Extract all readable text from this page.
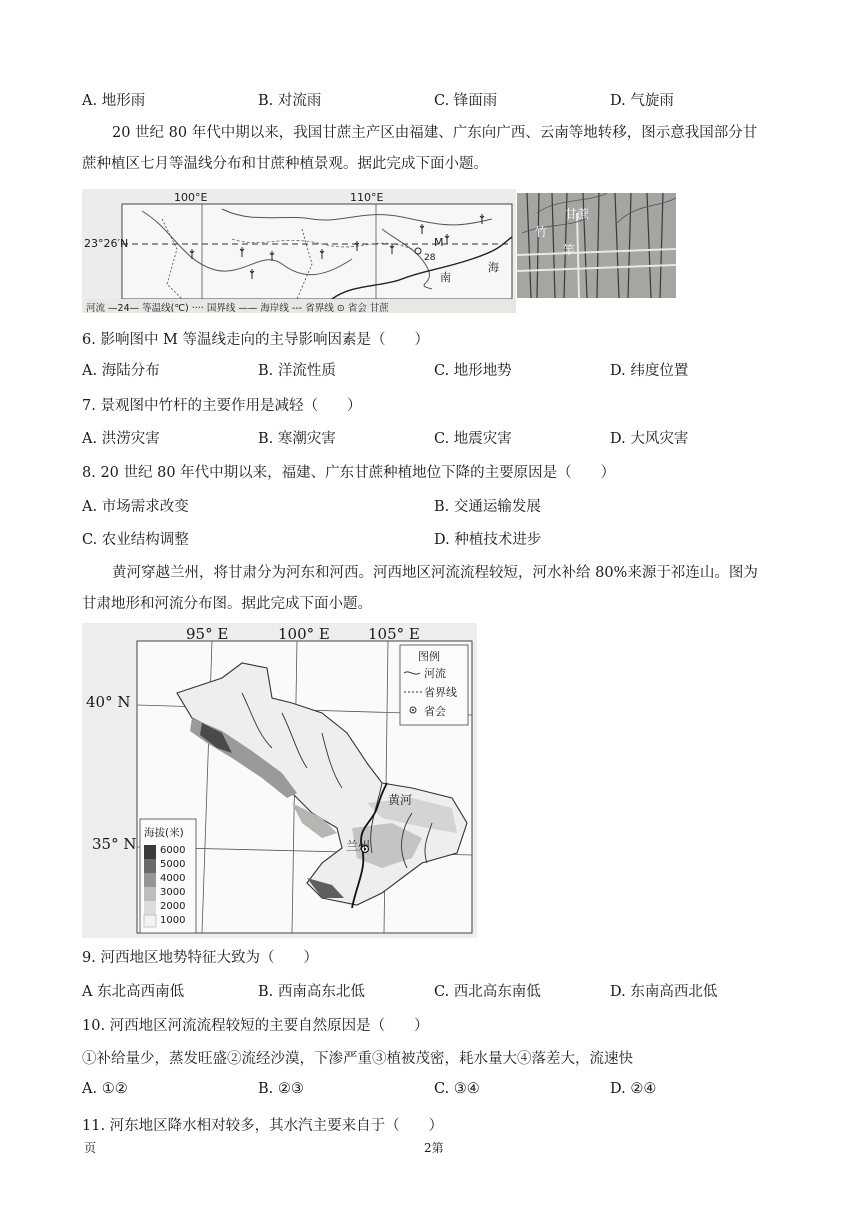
A. 地形雨	B. 对流雨	C. 锋面雨	D. 气旋雨
20 世纪 80 年代中期以来，我国甘蔗主产区由福建、广东向广西、云南等地转移，图示意我国部分甘
蔗种植区七月等温线分布和甘蔗种植景观。据此完成下面小题。
100°E	110°E
23°26′N	M
28
南
海
河流 —24— 等温线(℃) ···· 国界线 —— 海岸线 --- 省界线 ⊙ 省会 甘蔗
甘蔗
竹
竿
6. 影响图中 M 等温线走向的主导影响因素是（　　）
A. 海陆分布	B. 洋流性质	C. 地形地势	D. 纬度位置
7. 景观图中竹杆的主要作用是减轻（　　）
A. 洪涝灾害	B. 寒潮灾害	C. 地震灾害	D. 大风灾害
8. 20 世纪 80 年代中期以来，福建、广东甘蔗种植地位下降的主要原因是（　　）
A. 市场需求改变	B. 交通运输发展
C. 农业结构调整	D. 种植技术进步
黄河穿越兰州，将甘肃分为河东和河西。河西地区河流流程较短，河水补给 80%来源于祁连山。图为
甘肃地形和河流分布图。据此完成下面小题。
95° E	100° E	105° E
40° N
35° N
图例
河流
省界线
省会
黄河
兰州
海拔(米)
6000
5000
4000
3000
2000
1000
9. 河西地区地势特征大致为（　　）
A 东北高西南低	B. 西南高东北低	C. 西北高东南低	D. 东南高西北低
10. 河西地区河流流程较短的主要自然原因是（　　）
①补给量少，蒸发旺盛②流经沙漠，下渗严重③植被茂密，耗水量大④落差大，流速快
A. ①②	B. ②③	C. ③④	D. ②④
11. 河东地区降水相对较多，其水汽主要来自于（　　）
页	2第
